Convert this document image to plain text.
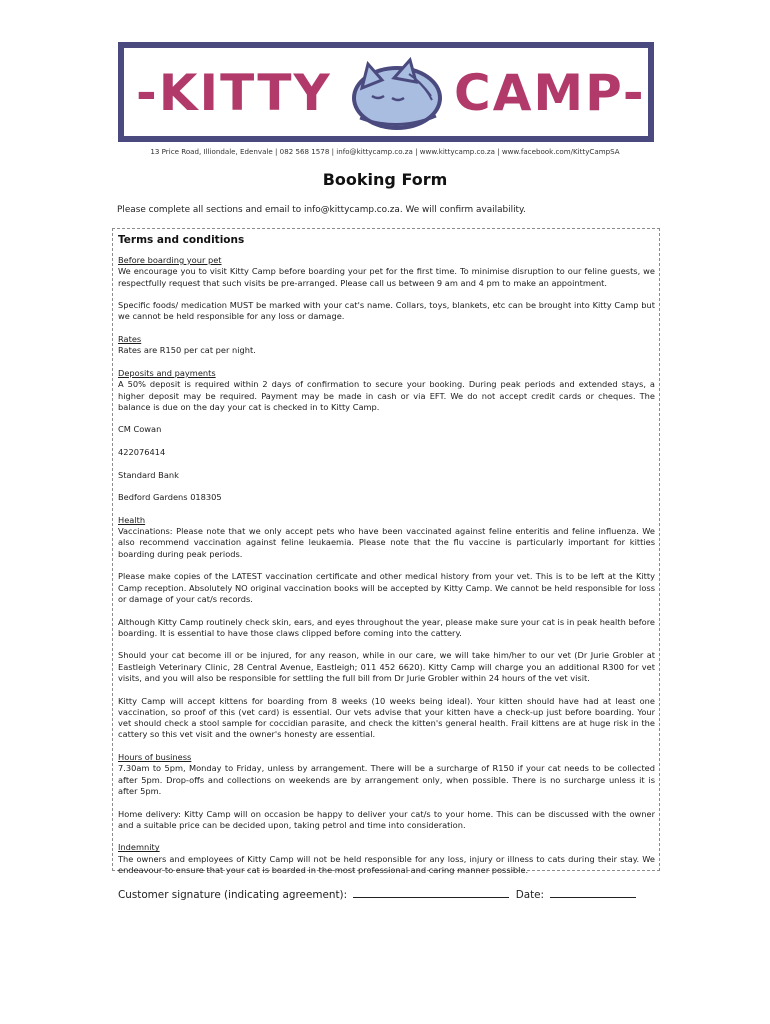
-KITTY CAMP-
13 Price Road, Illiondale, Edenvale | 082 568 1578 | info@kittycamp.co.za | www.kittycamp.co.za | www.facebook.com/KittyCampSA
Booking Form
Please complete all sections and email to info@kittycamp.co.za. We will confirm availability.
Terms and conditions
Before boarding your pet

We encourage you to visit Kitty Camp before boarding your pet for the first time. To minimise disruption to our feline guests, we respectfully request that such visits be pre-arranged. Please call us between 9 am and 4 pm to make an appointment.

Specific foods/ medication MUST be marked with your cat's name. Collars, toys, blankets, etc can be brought into Kitty Camp but we cannot be held responsible for any loss or damage.

Rates

Rates are R150 per cat per night.

Deposits and payments

A 50% deposit is required within 2 days of confirmation to secure your booking. During peak periods and extended stays, a higher deposit may be required. Payment may be made in cash or via EFT. We do not accept credit cards or cheques. The balance is due on the day your cat is checked in to Kitty Camp.

CM Cowan

422076414

Standard Bank

Bedford Gardens 018305

Health

Vaccinations: Please note that we only accept pets who have been vaccinated against feline enteritis and feline influenza. We also recommend vaccination against feline leukaemia. Please note that the flu vaccine is particularly important for kitties boarding during peak periods.

Please make copies of the LATEST vaccination certificate and other medical history from your vet. This is to be left at the Kitty Camp reception. Absolutely NO original vaccination books will be accepted by Kitty Camp. We cannot be held responsible for loss or damage of your cat/s records.

Although Kitty Camp routinely check skin, ears, and eyes throughout the year, please make sure your cat is in peak health before boarding. It is essential to have those claws clipped before coming into the cattery.

Should your cat become ill or be injured, for any reason, while in our care, we will take him/her to our vet (Dr Jurie Grobler at Eastleigh Veterinary Clinic, 28 Central Avenue, Eastleigh; 011 452 6620). Kitty Camp will charge you an additional R300 for vet visits, and you will also be responsible for settling the full bill from Dr Jurie Grobler within 24 hours of the vet visit.

Kitty Camp will accept kittens for boarding from 8 weeks (10 weeks being ideal). Your kitten should have had at least one vaccination, so proof of this (vet card) is essential. Our vets advise that your kitten have a check-up just before boarding. Your vet should check a stool sample for coccidian parasite, and check the kitten's general health. Frail kittens are at huge risk in the cattery so this vet visit and the owner's honesty are essential.

Hours of business

7.30am to 5pm, Monday to Friday, unless by arrangement. There will be a surcharge of R150 if your cat needs to be collected after 5pm. Drop-offs and collections on weekends are by arrangement only, when possible. There is no surcharge unless it is after 5pm.

Home delivery: Kitty Camp will on occasion be happy to deliver your cat/s to your home. This can be discussed with the owner and a suitable price can be decided upon, taking petrol and time into consideration.

Indemnity

The owners and employees of Kitty Camp will not be held responsible for any loss, injury or illness to cats during their stay. We endeavour to ensure that your cat is boarded in the most professional and caring manner possible.

Customer signature (indicating agreement):	Date:
